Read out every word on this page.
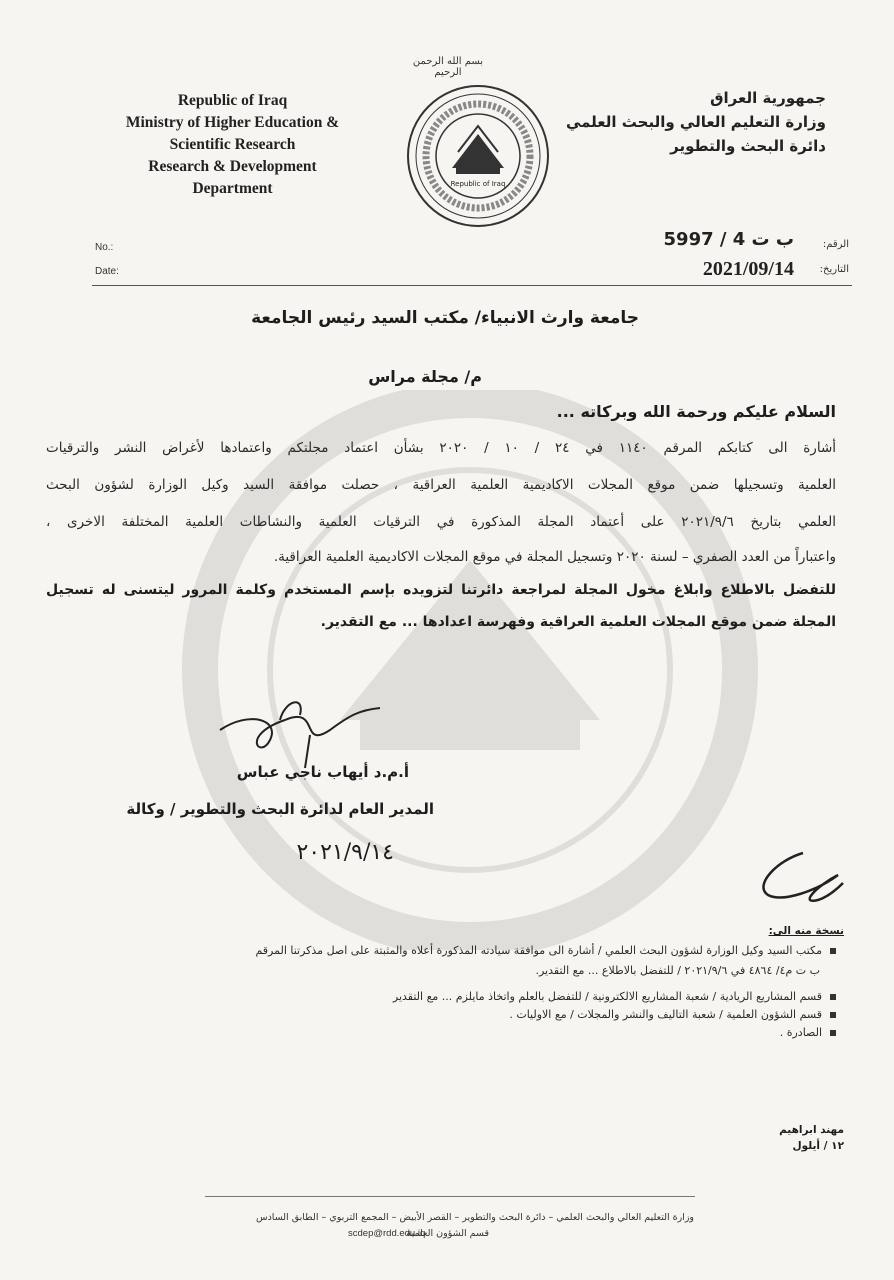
Republic of Iraq
Ministry of Higher Education &
Scientific Research
Research & Development
Department
بسم الله الرحمن الرحيم
Republic of Iraq
جمهورية العراق
وزارة التعليم العالي والبحث العلمي
دائرة البحث والتطوير
No.:
Date:
الرقم:
التاريخ:
ب ت 4 / 5997
2021/09/14
جامعة وارث الانبياء/ مكتب السيد رئيس الجامعة
م/ مجلة مراس
السلام عليكم ورحمة الله وبركاته ...
أشارة الى كتابكم المرقم ١١٤٠ في ٢٤ / ١٠ / ٢٠٢٠ بشأن اعتماد مجلتكم واعتمادها لأغراض النشر والترقيات
العلمية وتسجيلها ضمن موقع المجلات الاكاديمية العلمية العراقية ، حصلت موافقة السيد وكيل الوزارة لشؤون البحث
العلمي بتاريخ ٢٠٢١/٩/٦ على أعتماد المجلة المذكورة في الترقيات العلمية والنشاطات العلمية المختلفة الاخرى ،
واعتباراً من العدد الصفري – لسنة ٢٠٢٠ وتسجيل المجلة في موقع المجلات الاكاديمية العلمية العراقية.
للتفضل بالاطلاع وابلاغ مخول المجلة لمراجعة دائرتنا لتزويده بإسم المستخدم وكلمة المرور ليتسنى له تسجيل
المجلة ضمن موقع المجلات العلمية العراقية وفهرسة اعدادها ... مع التقدير.
أ.م.د أيهاب ناجي عباس
المدير العام لدائرة البحث والتطوير / وكالة
٢٠٢١/٩/١٤
نسخة منه الى:
مكتب السيد وكيل الوزارة لشؤون البحث العلمي / أشارة الى موافقة سيادته المذكورة أعلاه والمثبتة على اصل مذكرتنا المرقم
ب ت م٤/ ٤٨٦٤ في ٢٠٢١/٩/٦ / للتفضل بالاطلاع ... مع التقدير.
قسم المشاريع الريادية / شعبة المشاريع الالكترونية / للتفضل بالعلم واتخاذ مايلزم ... مع التقدير
قسم الشؤون العلمية / شعبة التاليف والنشر والمجلات / مع الاوليات .
الصادرة .
مهند ابراهيم
١٢ / أيلول
وزارة التعليم العالي والبحث العلمي – دائرة البحث والتطوير – القصر الأبيض – المجمع التربوي – الطابق السادس
قسم الشؤون العلمية
scdep@rdd.edu.iq
